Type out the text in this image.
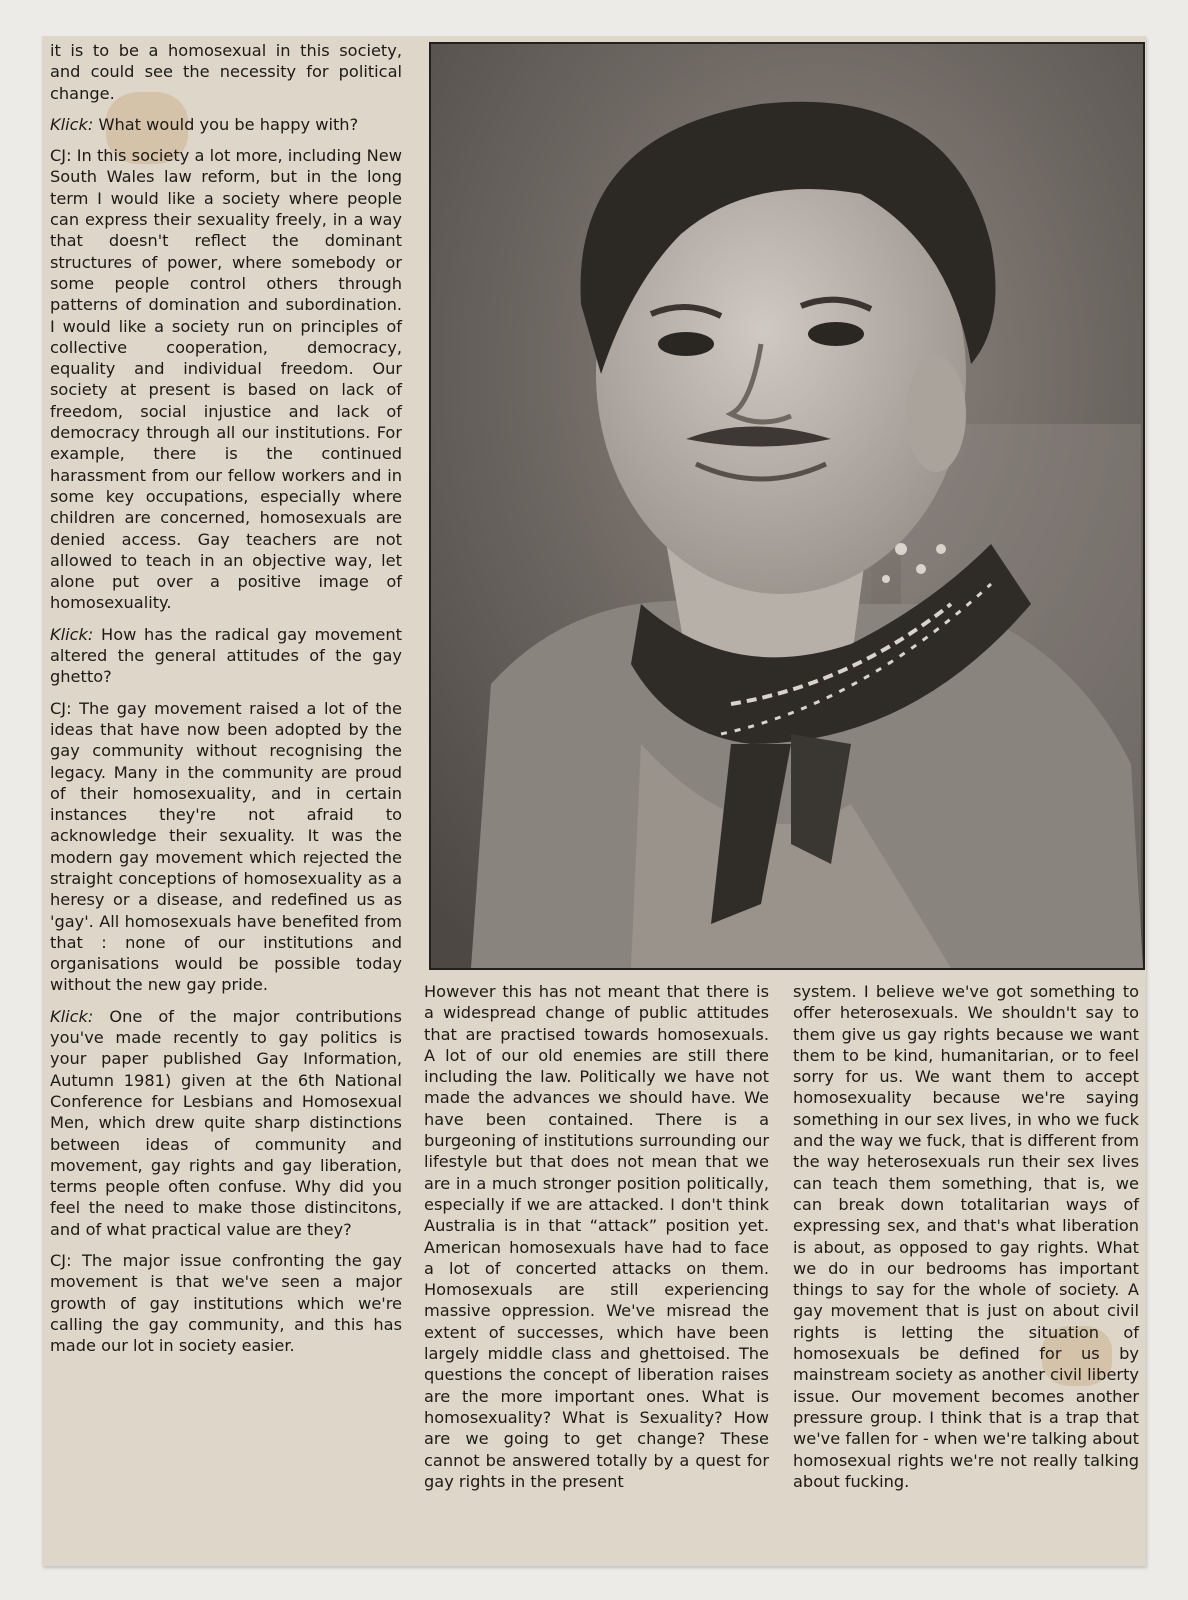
it is to be a homosexual in this society, and could see the necessity for political change.

Klick: What would you be happy with?

CJ: In this society a lot more, including New South Wales law reform, but in the long term I would like a society where people can express their sexuality freely, in a way that doesn't reflect the dominant structures of power, where somebody or some people control others through patterns of domination and subordination. I would like a society run on principles of collective cooperation, democracy, equality and individual freedom. Our society at present is based on lack of freedom, social injustice and lack of democracy through all our institutions. For example, there is the continued harassment from our fellow workers and in some key occupations, especially where children are concerned, homosexuals are denied access. Gay teachers are not allowed to teach in an objective way, let alone put over a positive image of homosexuality.

Klick: How has the radical gay movement altered the general attitudes of the gay ghetto?

CJ: The gay movement raised a lot of the ideas that have now been adopted by the gay community without recognising the legacy. Many in the community are proud of their homosexuality, and in certain instances they're not afraid to acknowledge their sexuality. It was the modern gay movement which rejected the straight conceptions of homosexuality as a heresy or a disease, and redefined us as 'gay'. All homosexuals have benefited from that : none of our institutions and organisations would be possible today without the new gay pride.

Klick: One of the major contributions you've made recently to gay politics is your paper published Gay Information, Autumn 1981) given at the 6th National Conference for Lesbians and Homosexual Men, which drew quite sharp distinctions between ideas of community and movement, gay rights and gay liberation, terms people often confuse. Why did you feel the need to make those distincitons, and of what practical value are they?

CJ: The major issue confronting the gay movement is that we've seen a major growth of gay institutions which we're calling the gay community, and this has made our lot in society easier.

However this has not meant that there is a widespread change of public attitudes that are practised towards homosexuals. A lot of our old enemies are still there including the law. Politically we have not made the advances we should have. We have been contained. There is a burgeoning of institutions surrounding our lifestyle but that does not mean that we are in a much stronger position politically, especially if we are attacked. I don't think Australia is in that “attack” position yet. American homosexuals have had to face a lot of concerted attacks on them. Homosexuals are still experiencing massive oppression. We've misread the extent of successes, which have been largely middle class and ghettoised. The questions the concept of liberation raises are the more important ones. What is homosexuality? What is Sexuality? How are we going to get change? These cannot be answered totally by a quest for gay rights in the present

system. I believe we've got something to offer heterosexuals. We shouldn't say to them give us gay rights because we want them to be kind, humanitarian, or to feel sorry for us. We want them to accept homosexuality because we're saying something in our sex lives, in who we fuck and the way we fuck, that is different from the way heterosexuals run their sex lives can teach them something, that is, we can break down totalitarian ways of expressing sex, and that's what liberation is about, as opposed to gay rights. What we do in our bedrooms has important things to say for the whole of society. A gay movement that is just on about civil rights is letting the situation of homosexuals be defined for us by mainstream society as another civil liberty issue. Our movement becomes another pressure group. I think that is a trap that we've fallen for - when we're talking about homosexual rights we're not really talking about fucking.
